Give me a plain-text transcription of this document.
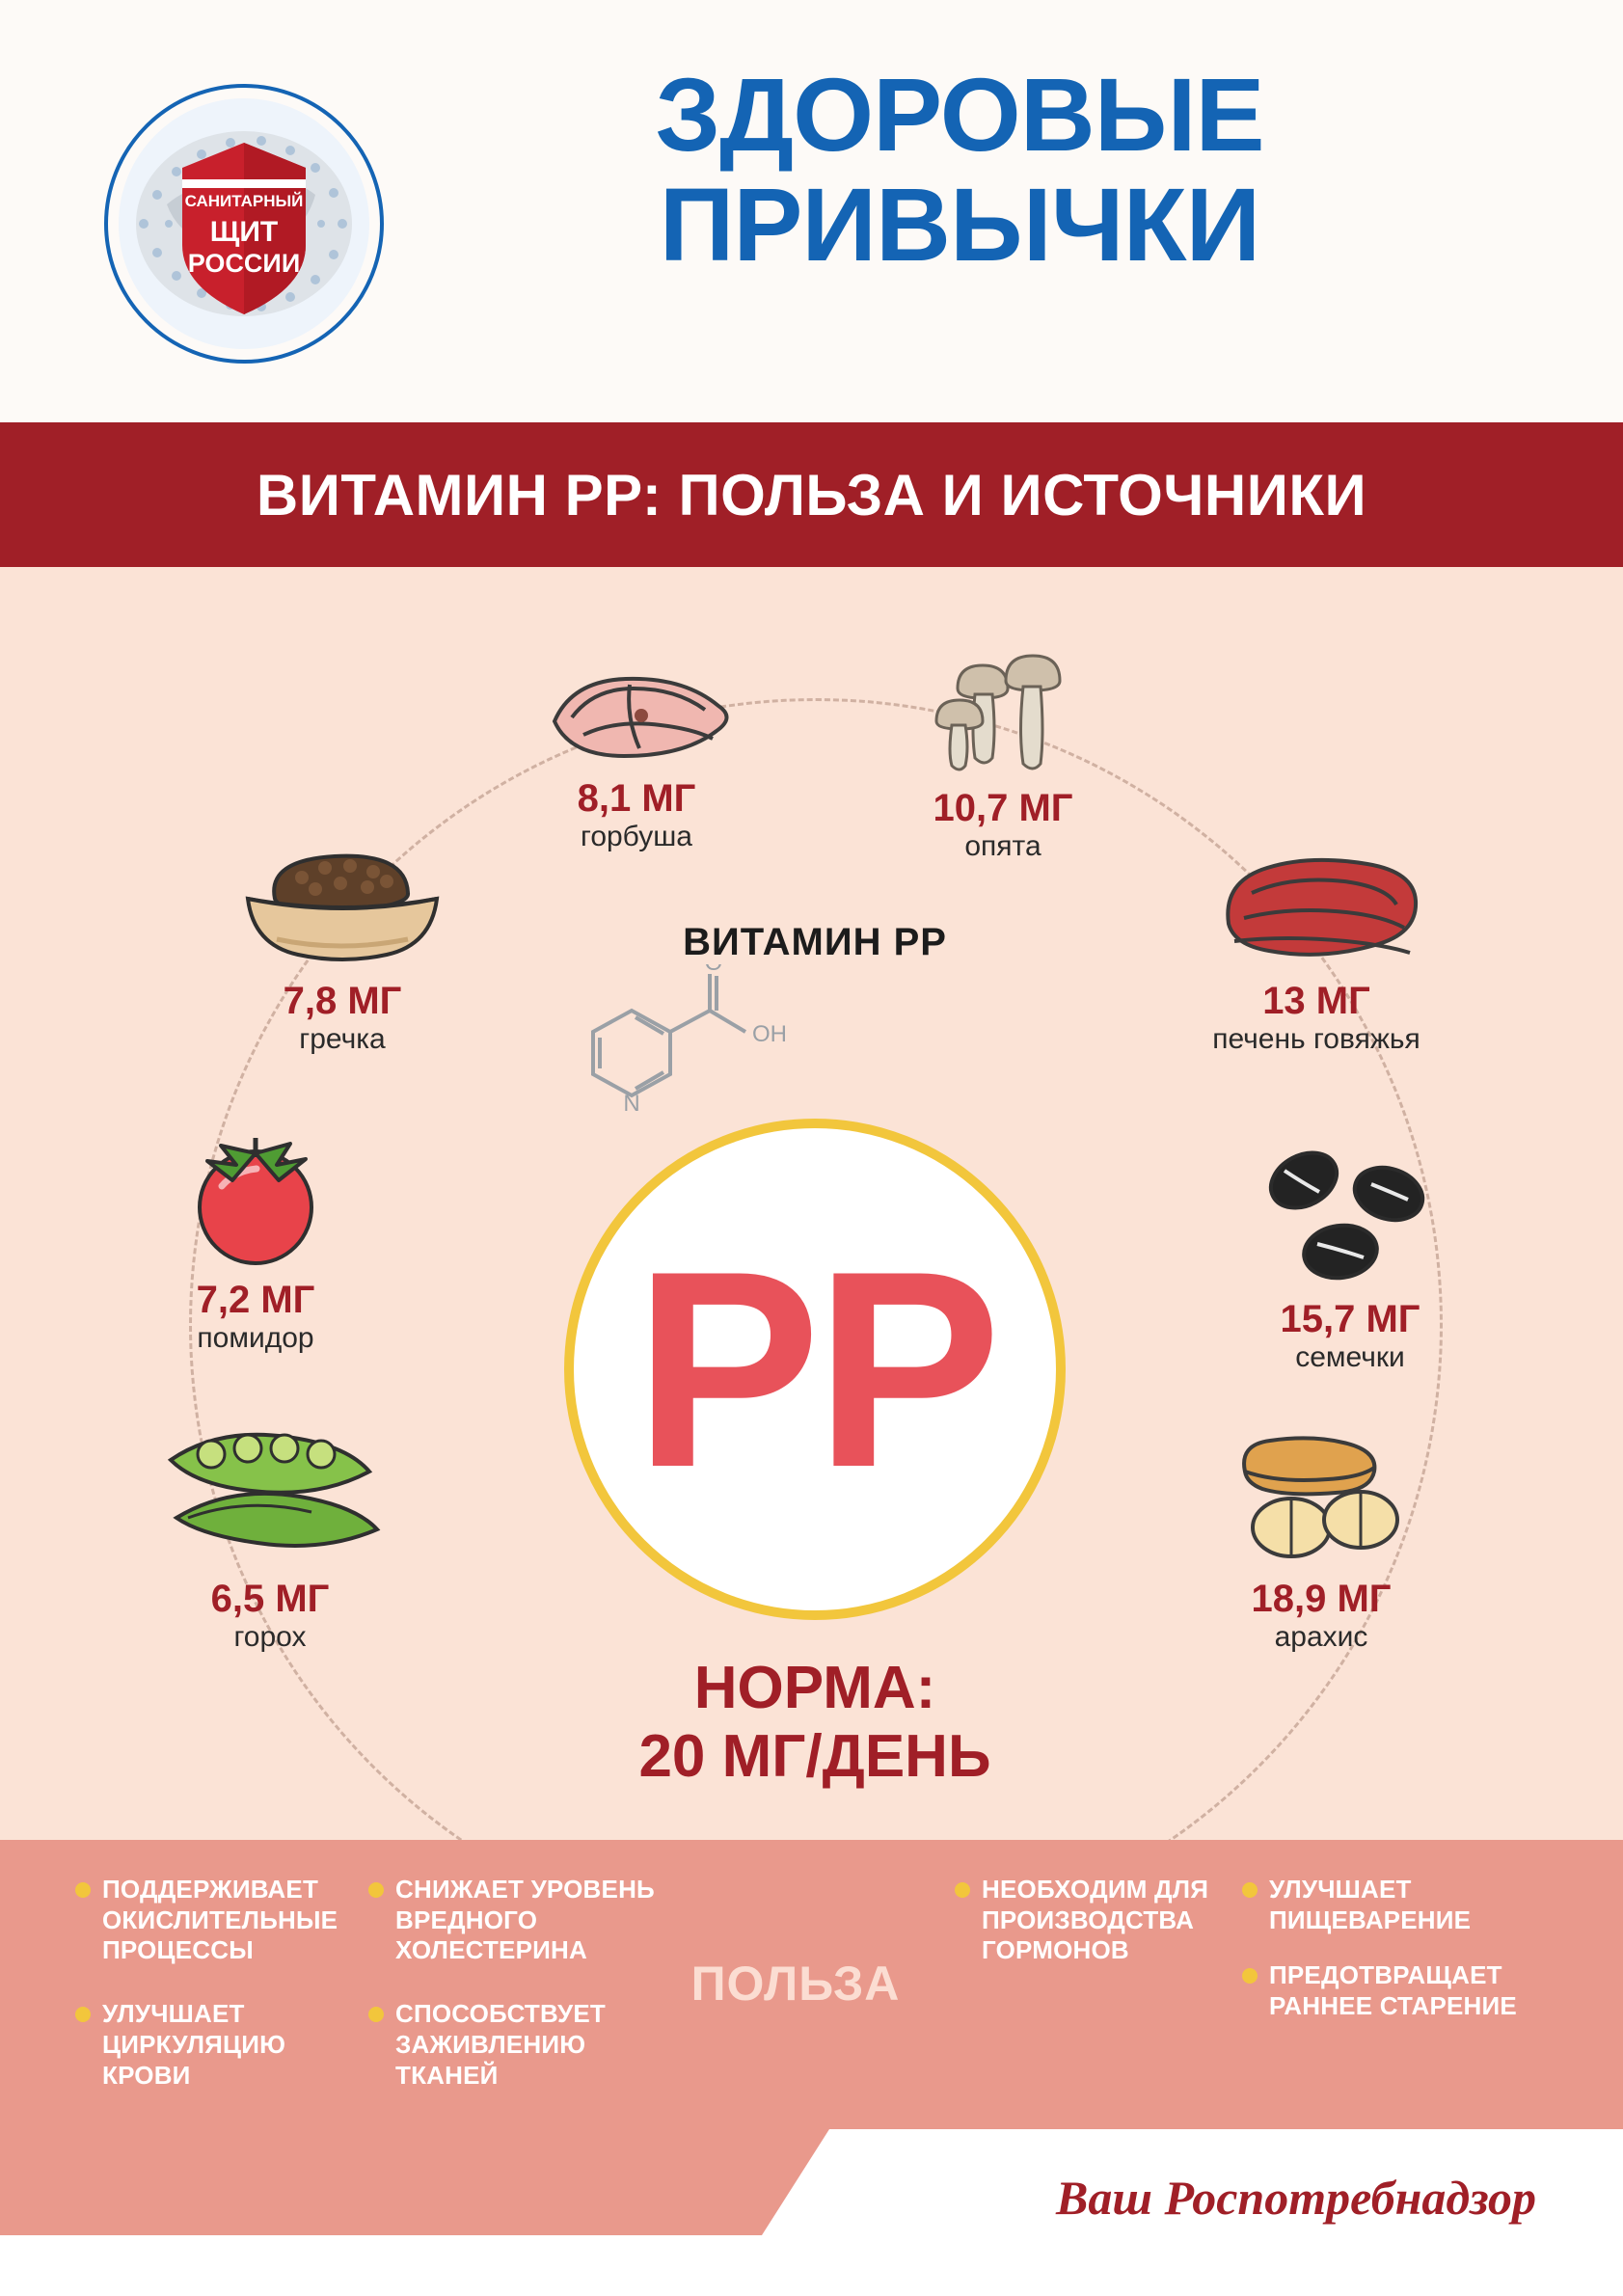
САНИТАРНЫЙ
ЩИТ
РОССИИ
ЗДОРОВЫЕ
ПРИВЫЧКИ
ВИТАМИН РР: ПОЛЬЗА И ИСТОЧНИКИ
ВИТАМИН РР
N
OH
PP
НОРМА:
20 МГ/ДЕНЬ
8,1 МГ
горбуша
10,7 МГ
опята
13 МГ
печень говяжья
15,7 МГ
семечки
18,9 МГ
арахис
6,5 МГ
горох
7,2 МГ
помидор
7,8 МГ
гречка
ПОДДЕРЖИВАЕТ ОКИСЛИТЕЛЬНЫЕ ПРОЦЕССЫ
УЛУЧШАЕТ ЦИРКУЛЯЦИЮ КРОВИ
СНИЖАЕТ УРОВЕНЬ ВРЕДНОГО ХОЛЕСТЕРИНА
СПОСОБСТВУЕТ ЗАЖИВЛЕНИЮ ТКАНЕЙ
НЕОБХОДИМ ДЛЯ ПРОИЗВОДСТВА ГОРМОНОВ
УЛУЧШАЕТ ПИЩЕВАРЕНИЕ
ПРЕДОТВРАЩАЕТ РАННЕЕ СТАРЕНИЕ
ПОЛЬЗА
Ваш Роспотребнадзор
